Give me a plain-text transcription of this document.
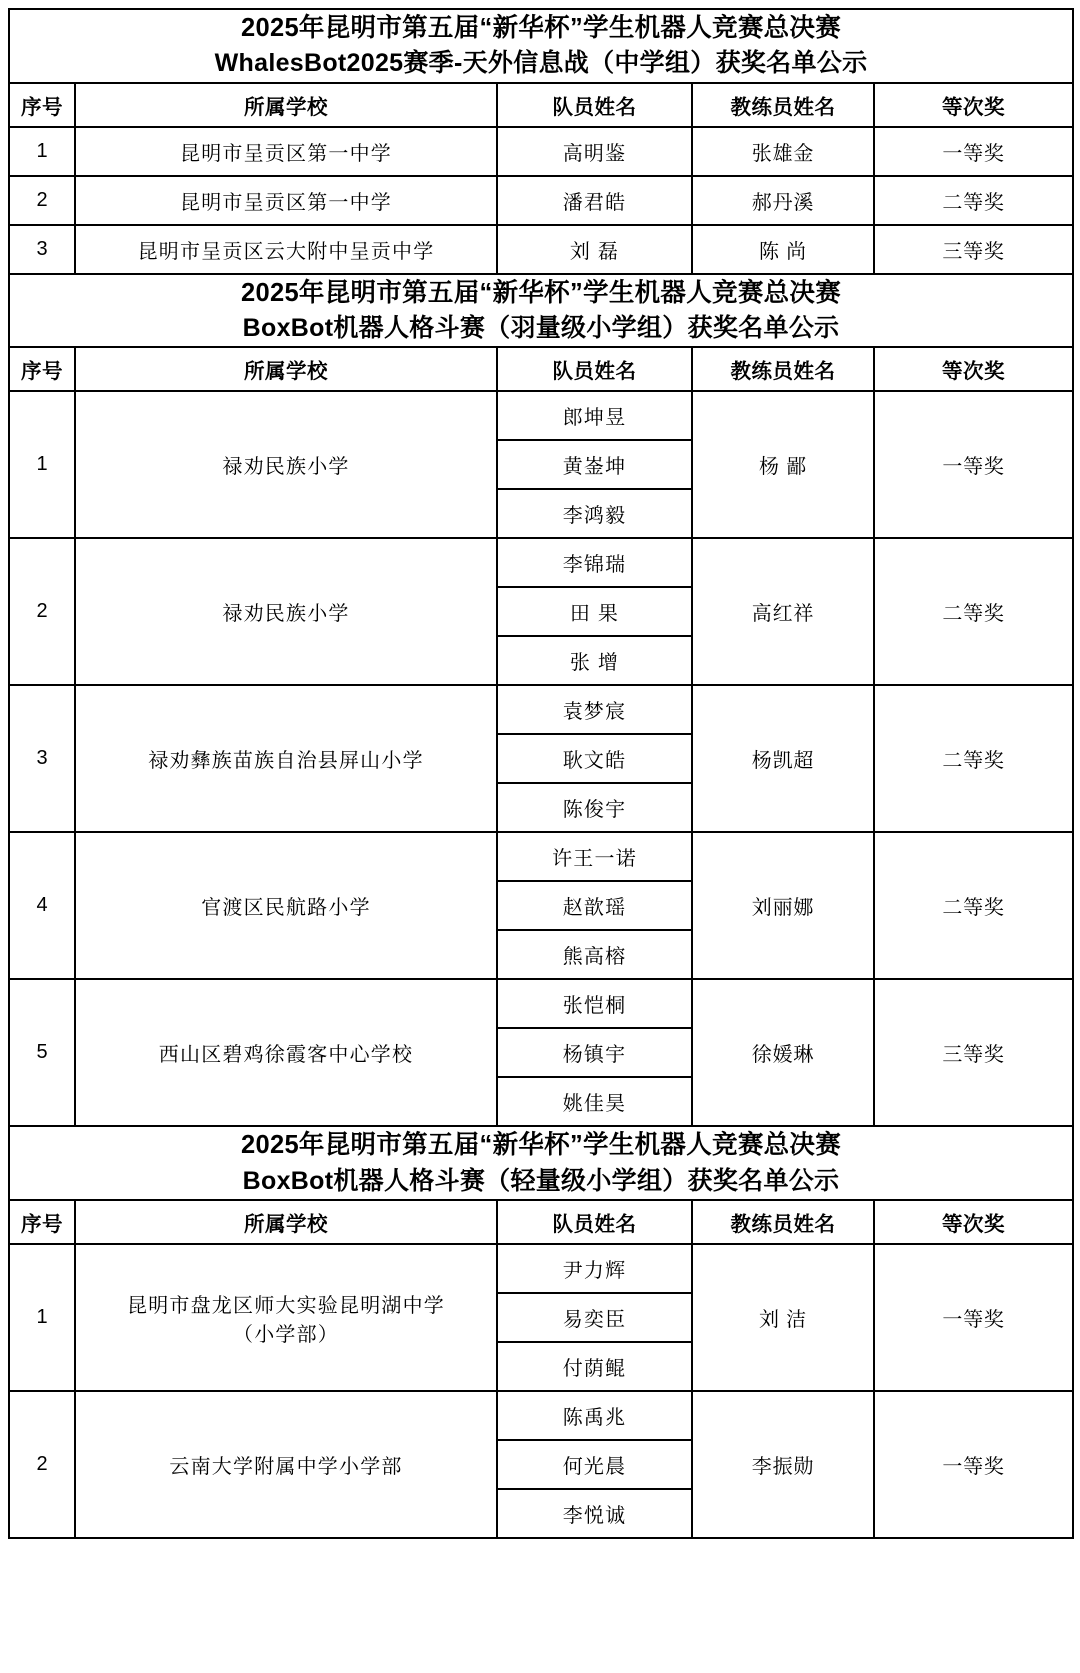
2025年昆明市第五届“新华杯”学生机器人竞赛总决赛
WhalesBot2025赛季-天外信息战（中学组）获奖名单公示				

序号	所属学校	队员姓名	教练员姓名	等次奖
1	昆明市呈贡区第一中学	高明鉴	张雄金	一等奖
2	昆明市呈贡区第一中学	潘君皓	郝丹溪	二等奖
3	昆明市呈贡区云大附中呈贡中学	刘 磊	陈 尚	三等奖

2025年昆明市第五届“新华杯”学生机器人竞赛总决赛
BoxBot机器人格斗赛（羽量级小学组）获奖名单公示				

序号	所属学校	队员姓名	教练员姓名	等次奖
1	禄劝民族小学	郎坤昱	杨 鄙	一等奖
		黄崟坤		
		李鸿毅		
2	禄劝民族小学	李锦瑞	高红祥	二等奖
		田 果		
		张 增		
3	禄劝彝族苗族自治县屏山小学	袁梦宸	杨凯超	二等奖
		耿文皓		
		陈俊宇		
4	官渡区民航路小学	许王一诺	刘丽娜	二等奖
		赵歆瑶		
		熊高榕		
5	西山区碧鸡徐霞客中心学校	张恺桐	徐媛琳	三等奖
		杨镇宇		
		姚佳昊		

2025年昆明市第五届“新华杯”学生机器人竞赛总决赛
BoxBot机器人格斗赛（轻量级小学组）获奖名单公示				

序号	所属学校	队员姓名	教练员姓名	等次奖
1	昆明市盘龙区师大实验昆明湖中学
（小学部）	尹力辉	刘 洁	一等奖
		易奕臣		
		付荫鲲		
2	云南大学附属中学小学部	陈禹兆	李振勋	一等奖
		何光晨		
		李悦诚		
